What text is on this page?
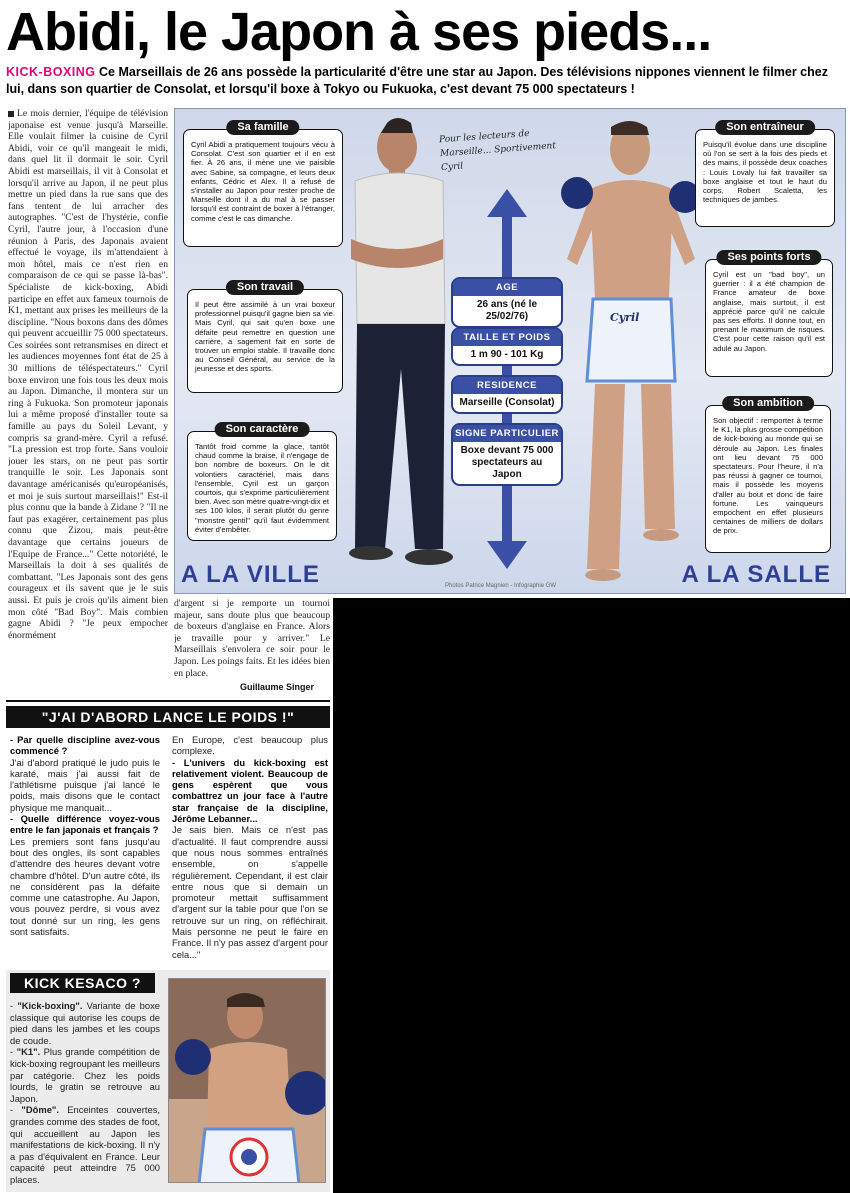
Abidi, le Japon à ses pieds...
KICK-BOXING Ce Marseillais de 26 ans possède la particularité d'être une star au Japon. Des télévisions nippones viennent le filmer chez lui, dans son quartier de Consolat, et lorsqu'il boxe à Tokyo ou Fukuoka, c'est devant 75 000 spectateurs !
Le mois dernier, l'équipe de télévision japonaise est venue jusqu'à Marseille. Elle voulait filmer la cuisine de Cyril Abidi, voir ce qu'il mangeait le midi, dans quel lit il dormait le soir. Cyril Abidi est marseillais, il vit à Consolat et lorsqu'il arrive au Japon, il ne peut plus mettre un pied dans la rue sans que des fans tentent de lui arracher des autographes. "C'est de l'hystérie, confie Cyril, l'autre jour, à l'occasion d'une réunion à Paris, des Japonais avaient effectué le voyage, ils m'attendaient à mon hôtel, mais ce n'est rien en comparaison de ce qui se passe là-bas". Spécialiste de kick-boxing, Abidi participe en effet aux fameux tournois de K1, mettant aux prises les meilleurs de la discipline. "Nous boxons dans des dômes qui peuvent accueillir 75 000 spectateurs. Ces soirées sont retransmises en direct et les audiences moyennes font état de 25 à 30 millions de téléspectateurs." Cyril boxe environ une fois tous les deux mois au Japon. Dimanche, il montera sur un ring à Fukuoka. Son promoteur japonais lui a même proposé d'installer toute sa famille au pays du Soleil Levant, y compris sa grand-mère. Cyril a refusé. "La pression est trop forte. Sans vouloir jouer les stars, on ne peut pas sortir tranquille le soir. Les Japonais sont davantage américanisés qu'européanisés, et moi je suis surtout marseillais!" Est-il plus connu que la bande à Zidane ? "Il ne faut pas exagérer, certainement pas plus connu que Zizou, mais peut-être davantage que certains joueurs de l'Equipe de France..." Cette notoriété, le Marseillais la doit à ses qualités de combattant. "Les Japonais sont des gens courageux et ils savent que je le suis aussi. Et puis je crois qu'ils aiment bien mon côté "Bad Boy". Mais combien gagne Abidi ? "Je peux empocher énormément
Cyril
Pour les lecteurs de Marseille... Sportivement Cyril
Sa famille
Cyril Abidi a pratiquement toujours vécu à Consolat. C'est son quartier et il en est fier. À 26 ans, il mène une vie paisible avec Sabine, sa compagne, et leurs deux enfants, Cédric et Alex. Il a refusé de s'installer au Japon pour rester proche de Marseille dont il a du mal à se passer lorsqu'il est contraint de boxer à l'étranger, comme c'est le cas dimanche.
Son travail
Il peut être assimilé à un vrai boxeur professionnel puisqu'il gagne bien sa vie. Mais Cyril, qui sait qu'en boxe une défaite peut remettre en question une carrière, a sagement fait en sorte de trouver un emploi stable. Il travaille donc au Conseil Général, au service de la jeunesse et des sports.
Son caractère
Tantôt froid comme la glace, tantôt chaud comme la braise, il n'engage de bon nombre de boxeurs. On le dit volontiers caractériel, mais dans l'ensemble, Cyril est un garçon courtois, qui s'exprime particulièrement bien. Avec son mètre quatre-vingt-dix et ses 100 kilos, il serait plutôt du genre "monstre gentil" qu'il faut évidemment éviter d'embêter.
Son entraîneur
Puisqu'il évolue dans une discipline où l'on se sert à la fois des pieds et des mains, il possède deux coaches : Louis Lovaly lui fait travailler sa boxe anglaise et tout le haut du corps, Robert Scaletta, les techniques de jambes.
Ses points forts
Cyril est un "bad boy", un guerrier : il a été champion de France amateur de boxe anglaise, mais surtout, il est apprécié parce qu'il ne calcule pas ses efforts. Il donne tout, en prenant le maximum de risques. C'est pour cette raison qu'il est adulé au Japon.
Son ambition
Son objectif : remporter à terme le K1, la plus grosse compétition de kick-boxing au monde qui se déroule au Japon. Les finales ont lieu devant 75 000 spectateurs. Pour l'heure, il n'a pas réussi à gagner ce tournoi, mais il possède les moyens d'aller au bout et donc de faire fortune. Les vainqueurs empochent en effet plusieurs centaines de milliers de dollars de prix.
AGE
26 ans (né le 25/02/76)
TAILLE ET POIDS
1 m 90 - 101 Kg
RESIDENCE
Marseille (Consolat)
SIGNE PARTICULIER
Boxe devant 75 000 spectateurs au Japon
A LA VILLE	A LA SALLE
Photos Patrice Magnien - Infographie GW
d'argent si je remporte un tournoi majeur, sans doute plus que beaucoup de boxeurs d'anglaise en France. Alors je travaille pour y arriver." Le Marseillais s'envolera ce soir pour le Japon. Les poings faits. Et les idées bien en place.
Guillaume Singer
"J'AI D'ABORD LANCE LE POIDS !"
- Par quelle discipline avez-vous commencé ?
J'ai d'abord pratiqué le judo puis le karaté, mais j'ai aussi fait de l'athlétisme puisque j'ai lancé le poids, mais disons que le contact physique me manquait...
- Quelle différence voyez-vous entre le fan japonais et français ?
Les premiers sont fans jusqu'au bout des ongles, ils sont capables d'attendre des heures devant votre chambre d'hôtel. D'un autre côté, ils ne considèrent pas la défaite comme une catastrophe. Au Japon, vous pouvez perdre, si vous avez tout donné sur un ring, les gens sont satisfaits.
En Europe, c'est beaucoup plus complexe.
- L'univers du kick-boxing est relativement violent. Beaucoup de gens espèrent que vous combattrez un jour face à l'autre star française de la discipline, Jérôme Lebanner...
Je sais bien. Mais ce n'est pas d'actualité. Il faut comprendre aussi que nous nous sommes entraînés ensemble, on s'appelle régulièrement. Cependant, il est clair entre nous que si demain un promoteur mettait suffisamment d'argent sur la table pour que l'on se retrouve sur un ring, on réfléchirait. Mais personne ne peut le faire en France. Il n'y pas assez d'argent pour cela..."
KICK KESACO ?
- "Kick-boxing". Variante de boxe classique qui autorise les coups de pied dans les jambes et les coups de coude.
- "K1". Plus grande compétition de kick-boxing regroupant les meilleurs par catégorie. Chez les poids lourds, le gratin se retrouve au Japon.
- "Dôme". Enceintes couvertes, grandes comme des stades de foot, qui accueillent au Japon les manifestations de kick-boxing. Il n'y a pas d'équivalent en France. Leur capacité peut atteindre 75 000 places.
